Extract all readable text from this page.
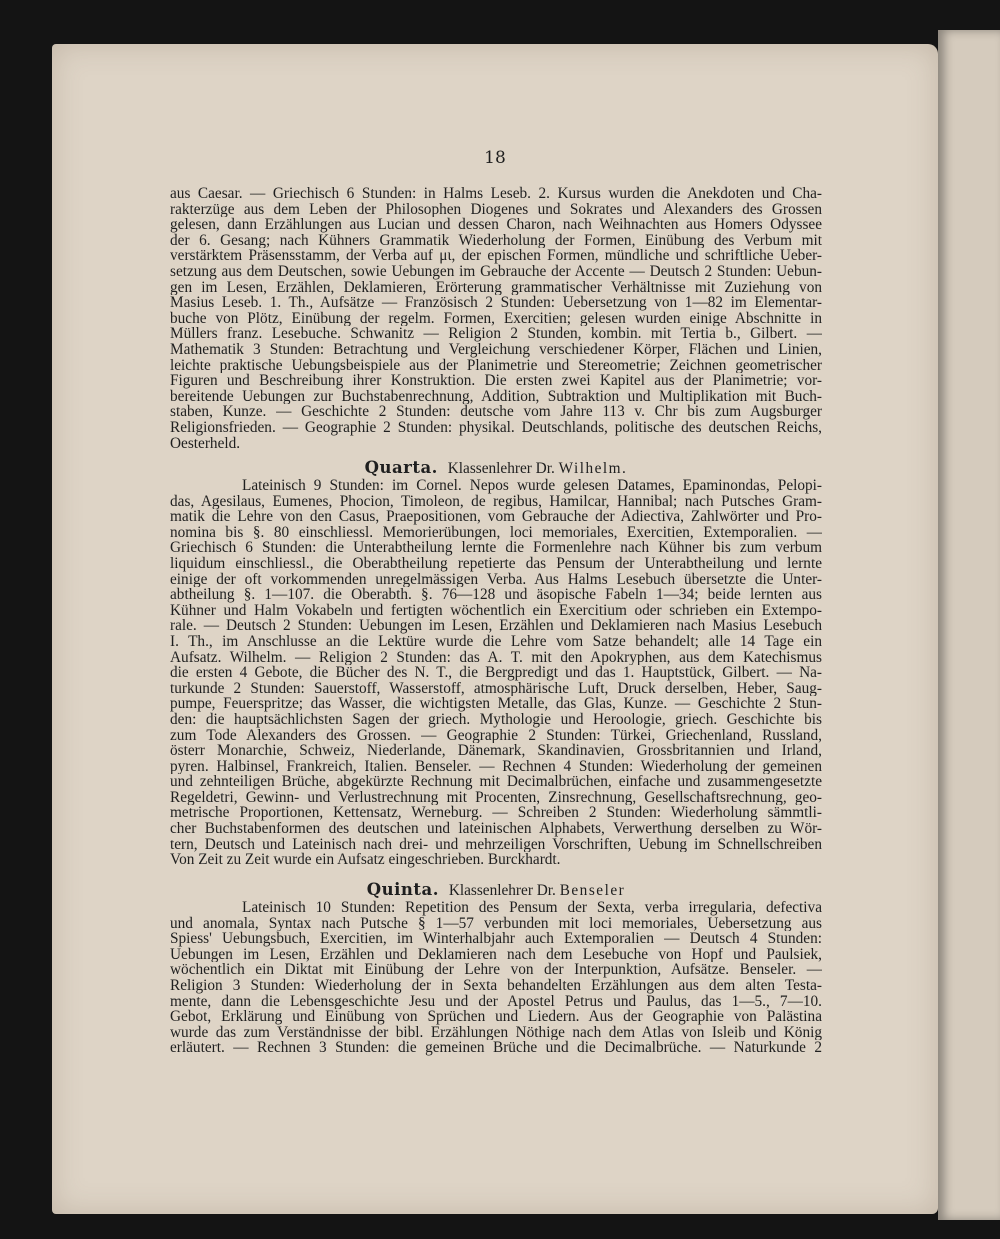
18
aus Caesar. — Griechisch 6 Stunden: in Halms Leseb. 2. Kursus wurden die Anekdoten und Cha-
rakterzüge aus dem Leben der Philosophen Diogenes und Sokrates und Alexanders des Grossen
gelesen, dann Erzählungen aus Lucian und dessen Charon, nach Weihnachten aus Homers Odyssee
der 6. Gesang; nach Kühners Grammatik Wiederholung der Formen, Einübung des Verbum mit
verstärktem Präsensstamm, der Verba auf μι, der epischen Formen, mündliche und schriftliche Ueber-
setzung aus dem Deutschen, sowie Uebungen im Gebrauche der Accente — Deutsch 2 Stunden: Uebun-
gen im Lesen, Erzählen, Deklamieren, Erörterung grammatischer Verhältnisse mit Zuziehung von
Masius Leseb. 1. Th., Aufsätze — Französisch 2 Stunden: Uebersetzung von 1—82 im Elementar-
buche von Plötz, Einübung der regelm. Formen, Exercitien; gelesen wurden einige Abschnitte in
Müllers franz. Lesebuche. Schwanitz — Religion 2 Stunden, kombin. mit Tertia b., Gilbert. —
Mathematik 3 Stunden: Betrachtung und Vergleichung verschiedener Körper, Flächen und Linien,
leichte praktische Uebungsbeispiele aus der Planimetrie und Stereometrie; Zeichnen geometrischer
Figuren und Beschreibung ihrer Konstruktion. Die ersten zwei Kapitel aus der Planimetrie; vor-
bereitende Uebungen zur Buchstabenrechnung, Addition, Subtraktion und Multiplikation mit Buch-
staben, Kunze. — Geschichte 2 Stunden: deutsche vom Jahre 113 v. Chr bis zum Augsburger
Religionsfrieden. — Geographie 2 Stunden: physikal. Deutschlands, politische des deutschen Reichs,
Oesterheld.
Quarta. Klassenlehrer Dr. Wilhelm.
Lateinisch 9 Stunden: im Cornel. Nepos wurde gelesen Datames, Epaminondas, Pelopi-
das, Agesilaus, Eumenes, Phocion, Timoleon, de regibus, Hamilcar, Hannibal; nach Putsches Gram-
matik die Lehre von den Casus, Praepositionen, vom Gebrauche der Adiectiva, Zahlwörter und Pro-
nomina bis §. 80 einschliessl. Memorierübungen, loci memoriales, Exercitien, Extemporalien. —
Griechisch 6 Stunden: die Unterabtheilung lernte die Formenlehre nach Kühner bis zum verbum
liquidum einschliessl., die Oberabtheilung repetierte das Pensum der Unterabtheilung und lernte
einige der oft vorkommenden unregelmässigen Verba. Aus Halms Lesebuch übersetzte die Unter-
abtheilung §. 1—107. die Oberabth. §. 76—128 und äsopische Fabeln 1—34; beide lernten aus
Kühner und Halm Vokabeln und fertigten wöchentlich ein Exercitium oder schrieben ein Extempo-
rale. — Deutsch 2 Stunden: Uebungen im Lesen, Erzählen und Deklamieren nach Masius Lesebuch
I. Th., im Anschlusse an die Lektüre wurde die Lehre vom Satze behandelt; alle 14 Tage ein
Aufsatz. Wilhelm. — Religion 2 Stunden: das A. T. mit den Apokryphen, aus dem Katechismus
die ersten 4 Gebote, die Bücher des N. T., die Bergpredigt und das 1. Hauptstück, Gilbert. — Na-
turkunde 2 Stunden: Sauerstoff, Wasserstoff, atmosphärische Luft, Druck derselben, Heber, Saug-
pumpe, Feuerspritze; das Wasser, die wichtigsten Metalle, das Glas, Kunze. — Geschichte 2 Stun-
den: die hauptsächlichsten Sagen der griech. Mythologie und Heroologie, griech. Geschichte bis
zum Tode Alexanders des Grossen. — Geographie 2 Stunden: Türkei, Griechenland, Russland,
österr Monarchie, Schweiz, Niederlande, Dänemark, Skandinavien, Grossbritannien und Irland,
pyren. Halbinsel, Frankreich, Italien. Benseler. — Rechnen 4 Stunden: Wiederholung der gemeinen
und zehnteiligen Brüche, abgekürzte Rechnung mit Decimalbrüchen, einfache und zusammengesetzte
Regeldetri, Gewinn- und Verlustrechnung mit Procenten, Zinsrechnung, Gesellschaftsrechnung, geo-
metrische Proportionen, Kettensatz, Werneburg. — Schreiben 2 Stunden: Wiederholung sämmtli-
cher Buchstabenformen des deutschen und lateinischen Alphabets, Verwerthung derselben zu Wör-
tern, Deutsch und Lateinisch nach drei- und mehrzeiligen Vorschriften, Uebung im Schnellschreiben
Von Zeit zu Zeit wurde ein Aufsatz eingeschrieben. Burckhardt.
Quinta. Klassenlehrer Dr. Benseler
Lateinisch 10 Stunden: Repetition des Pensum der Sexta, verba irregularia, defectiva
und anomala, Syntax nach Putsche § 1—57 verbunden mit loci memoriales, Uebersetzung aus
Spiess' Uebungsbuch, Exercitien, im Winterhalbjahr auch Extemporalien — Deutsch 4 Stunden:
Uebungen im Lesen, Erzählen und Deklamieren nach dem Lesebuche von Hopf und Paulsiek,
wöchentlich ein Diktat mit Einübung der Lehre von der Interpunktion, Aufsätze. Benseler. —
Religion 3 Stunden: Wiederholung der in Sexta behandelten Erzählungen aus dem alten Testa-
mente, dann die Lebensgeschichte Jesu und der Apostel Petrus und Paulus, das 1—5., 7—10.
Gebot, Erklärung und Einübung von Sprüchen und Liedern. Aus der Geographie von Palästina
wurde das zum Verständnisse der bibl. Erzählungen Nöthige nach dem Atlas von Isleib und König
erläutert. — Rechnen 3 Stunden: die gemeinen Brüche und die Decimalbrüche. — Naturkunde 2
